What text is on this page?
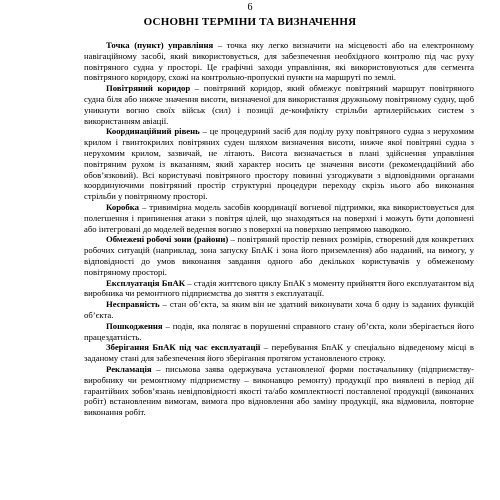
6
ОСНОВНІ ТЕРМІНИ ТА ВИЗНАЧЕННЯ

Точка (пункт) управління – точка яку легко визначити на місцевості або на електронному навігаційному засобі, який використовується, для забезпечення необхідного контролю під час руху повітряного судна у просторі. Це графічні заходи управління, які використовуються для сегмента повітряного коридору, схожі на контрольно-пропускні пункти на маршруті по землі.

Повітряний коридор – повітряний коридор, який обмежує повітряний маршрут повітряного судна біля або нижче значення висоти, визначеної для використання дружньому повітряному судну, щоб уникнути вогню своїх військ (сил) і позиції де-конфлікту стрільби артилерійських систем з використанням авіації.

Координаційний рівень – це процедурний засіб для поділу руху повітряного судна з нерухомим крилом і гвинтокрилих повітряних суден шляхом визначення висоти, нижче якої повітряні судна з нерухомим крилом, зазвичай, не літають. Висота визначається в плані здійснення управління повітряним рухом із вказанням, який характер носить це значення висоти (рекомендаційний або обов’язковий). Всі користувачі повітряного простору повинні узгоджувати з відповідними органами координуючими повітряний простір структурні процедури переходу скрізь нього або виконання стрільби у повітряному просторі.

Коробка – тривимірна модель засобів координації вогневої підтримки, яка використовується для полегшення і припинення атаки з повітря цілей, що знаходяться на поверхні і можуть бути доповнені або інтегровані до моделей ведення вогню з поверхні на поверхню непрямою наводкою.

Обмежені робочі зони (райони) – повітряний простір певних розмірів, створений для конкретних робочих ситуацій (наприклад, зона запуску БпАК і зона його приземлення) або наданий, на вимогу, у відповідності до умов виконання завдання одного або декількох користувачів у обмеженому повітряному просторі.

Експлуатація БпАК – стадія життєвого циклу БпАК з моменту прийняття його експлуатантом від виробника чи ремонтного підприємства до зняття з експлуатації.

Несправність – стан об’єкта, за яким він не здатний виконувати хоча б одну із заданих функцій об’єкта.

Пошкодження – подія, яка полягає в порушенні справного стану об’єкта, коли зберігається його працездатність.

Зберігання БпАК під час експлуатації – перебування БпАК у спеціально відведеному місці в заданому стані для забезпечення його зберігання протягом установленого строку.

Рекламація – письмова заява одержувача установленої форми постачальнику (підприємству-виробнику чи ремонтному підприємству – виконавцю ремонту) продукції про виявлені в період дії гарантійних зобов’язань невідповідності якості та/або комплектності поставленої продукції (виконаних робіт) встановленим вимогам, вимога про відновлення або заміну продукції, яка відмовила, повторне виконання робіт.
